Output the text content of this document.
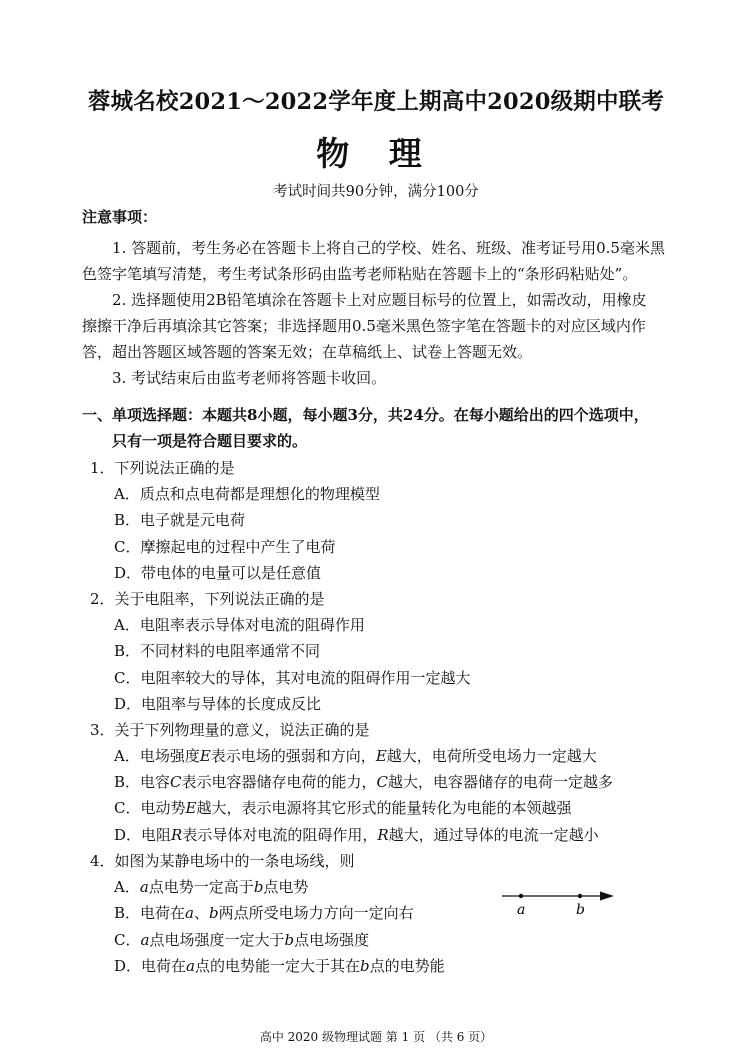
蓉城名校2021～2022学年度上期高中2020级期中联考
物 理
考试时间共90分钟，满分100分
注意事项：
1. 答题前，考生务必在答题卡上将自己的学校、姓名、班级、准考证号用0.5毫米黑
色签字笔填写清楚，考生考试条形码由监考老师粘贴在答题卡上的“条形码粘贴处”。
2. 选择题使用2B铅笔填涂在答题卡上对应题目标号的位置上，如需改动，用橡皮
擦擦干净后再填涂其它答案；非选择题用0.5毫米黑色签字笔在答题卡的对应区域内作
答，超出答题区域答题的答案无效；在草稿纸上、试卷上答题无效。
3. 考试结束后由监考老师将答题卡收回。
一、单项选择题：本题共8小题，每小题3分，共24分。在每小题给出的四个选项中，
只有一项是符合题目要求的。
1．下列说法正确的是
A．质点和点电荷都是理想化的物理模型
B．电子就是元电荷
C．摩擦起电的过程中产生了电荷
D．带电体的电量可以是任意值
2．关于电阻率，下列说法正确的是
A．电阻率表示导体对电流的阻碍作用
B．不同材料的电阻率通常不同
C．电阻率较大的导体，其对电流的阻碍作用一定越大
D．电阻率与导体的长度成反比
3．关于下列物理量的意义，说法正确的是
A．电场强度E表示电场的强弱和方向，E越大，电荷所受电场力一定越大
B．电容C表示电容器储存电荷的能力，C越大，电容器储存的电荷一定越多
C．电动势E越大，表示电源将其它形式的能量转化为电能的本领越强
D．电阻R表示导体对电流的阻碍作用，R越大，通过导体的电流一定越小
4．如图为某静电场中的一条电场线，则
A．a点电势一定高于b点电势
B．电荷在a、b两点所受电场力方向一定向右
C．a点电场强度一定大于b点电场强度
D．电荷在a点的电势能一定大于其在b点的电势能
a	b
高中 2020 级物理试题 第 1 页 （共 6 页）
